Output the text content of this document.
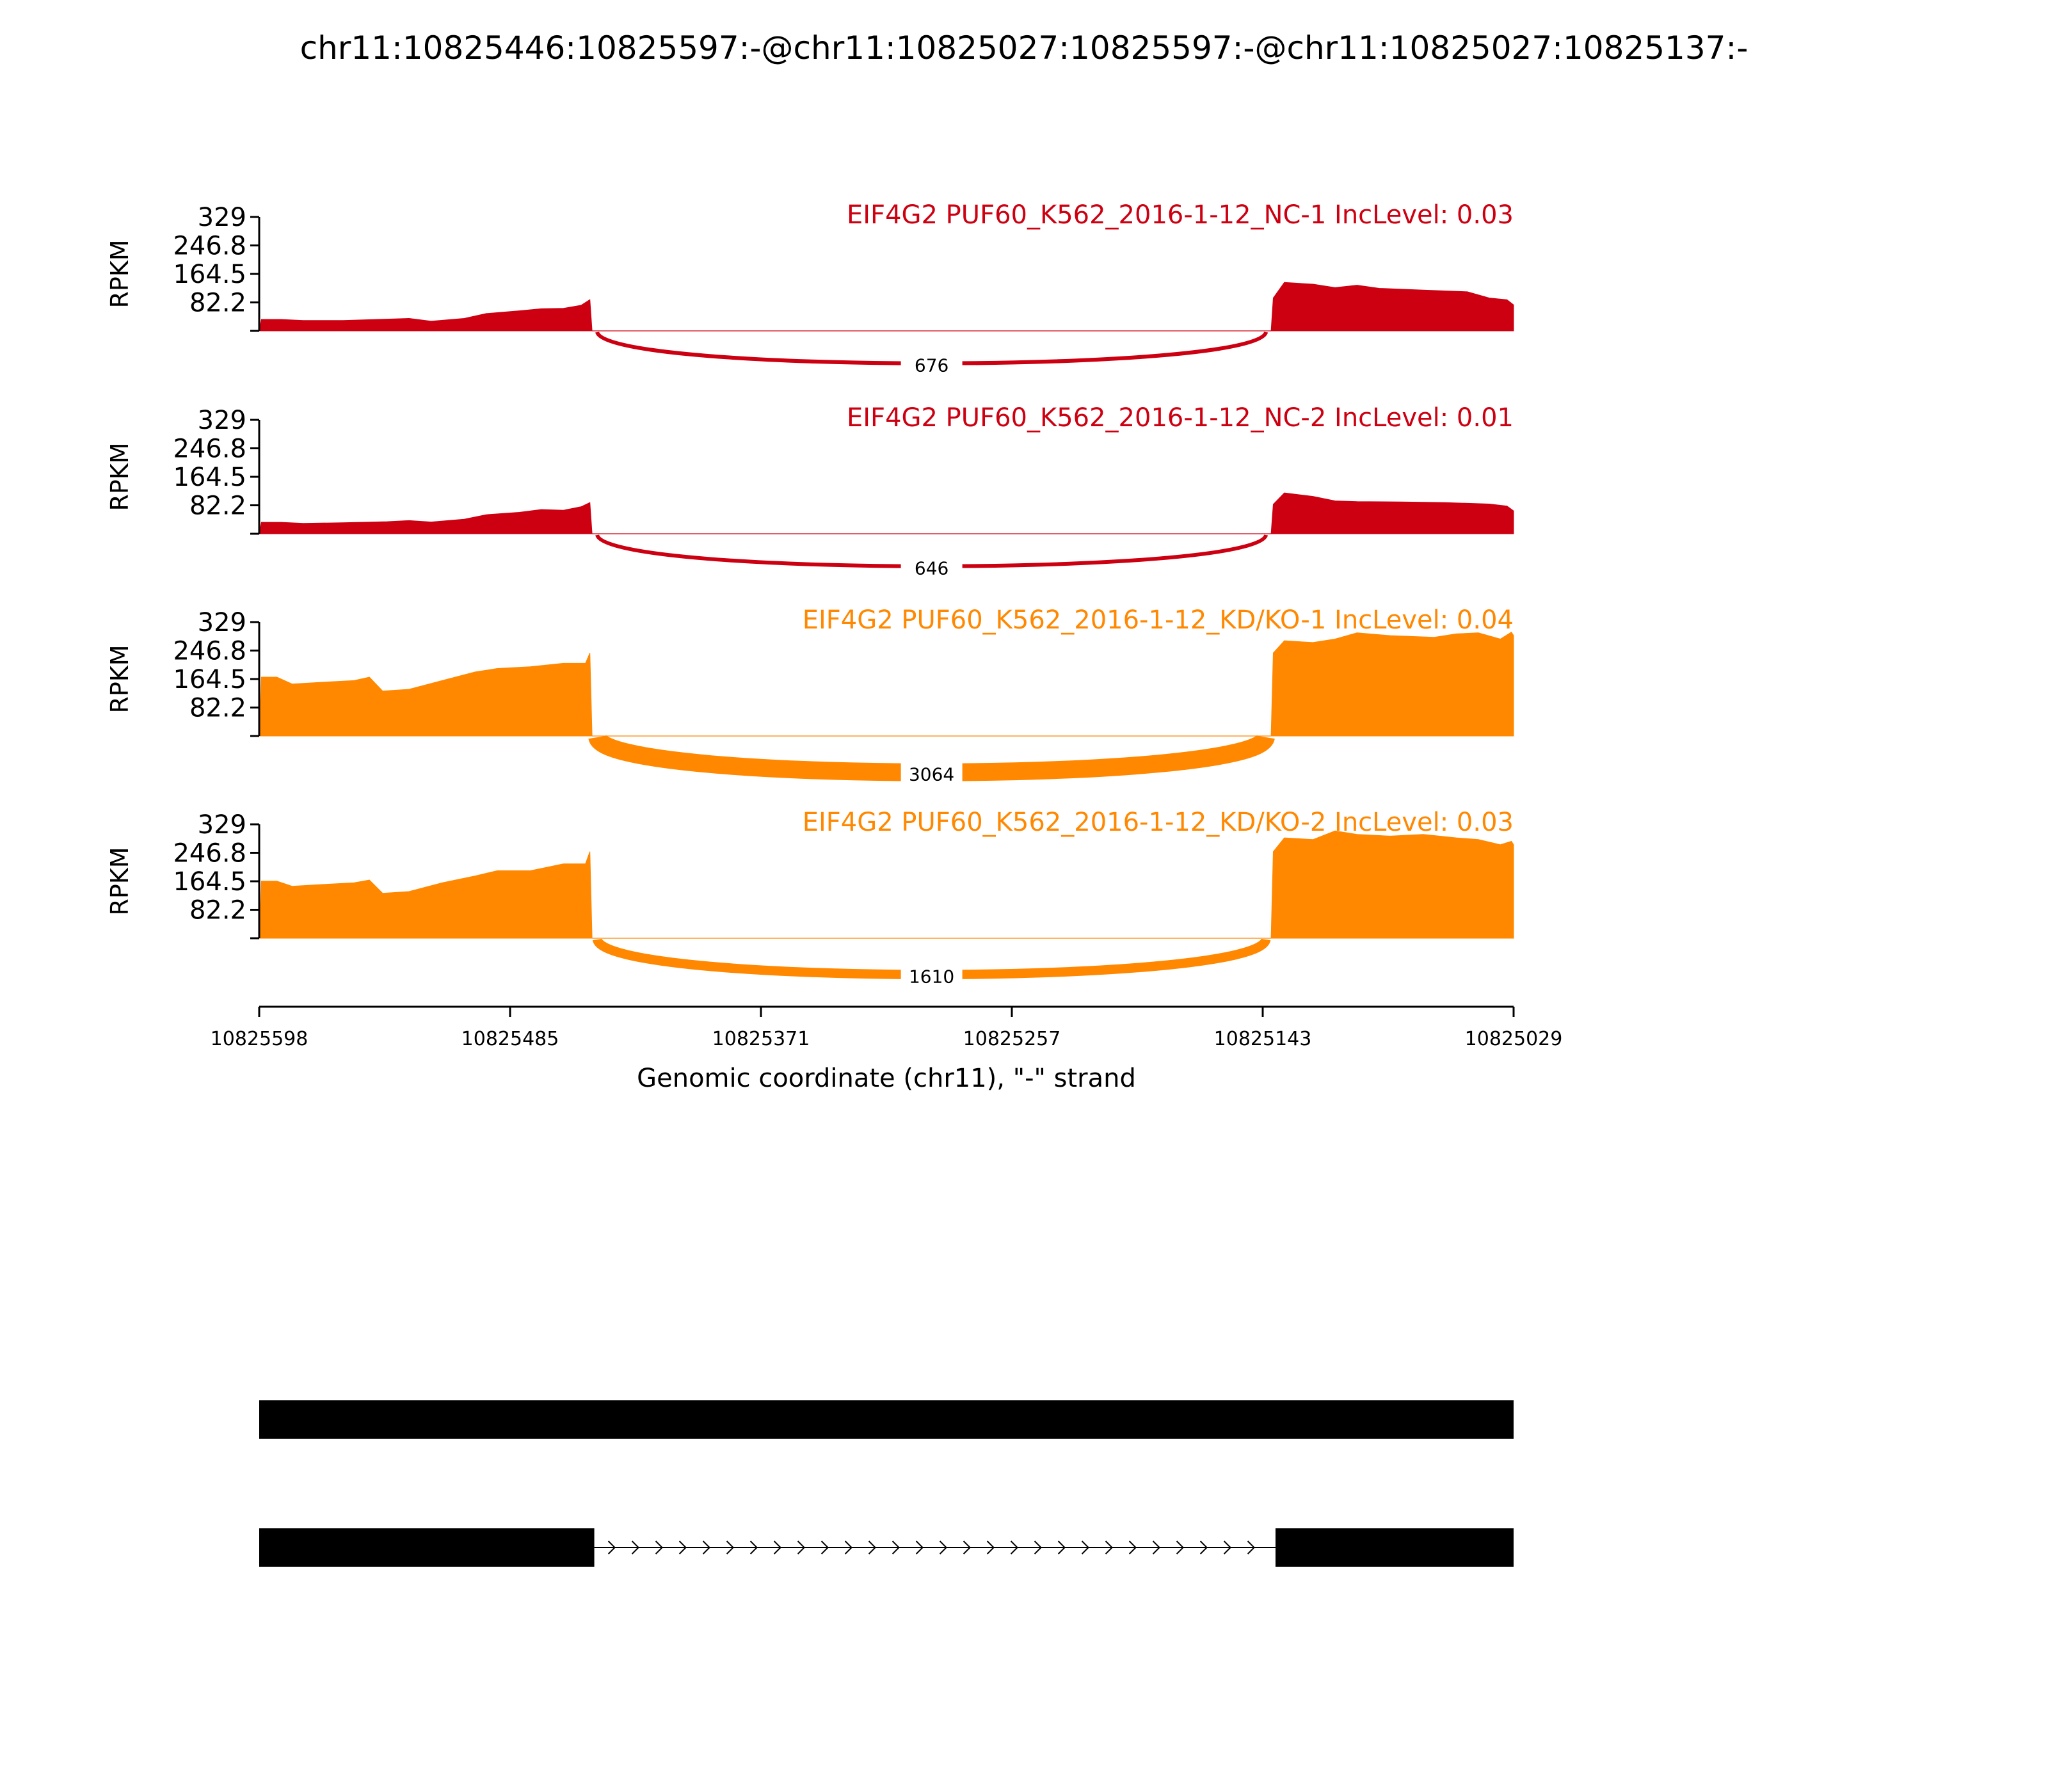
chr11:10825446:10825597:-@chr11:10825027:10825597:-@chr11:10825027:10825137:-
676
329
246.8
164.5
82.2
RPKM
EIF4G2 PUF60_K562_2016-1-12_NC-1 IncLevel: 0.03
646
329
246.8
164.5
82.2
RPKM
EIF4G2 PUF60_K562_2016-1-12_NC-2 IncLevel: 0.01
3064
329
246.8
164.5
82.2
RPKM
EIF4G2 PUF60_K562_2016-1-12_KD/KO-1 IncLevel: 0.04
1610
329
246.8
164.5
82.2
RPKM
EIF4G2 PUF60_K562_2016-1-12_KD/KO-2 IncLevel: 0.03
10825598	10825485	10825371	10825257	10825143	10825029
Genomic coordinate (chr11), "-" strand
